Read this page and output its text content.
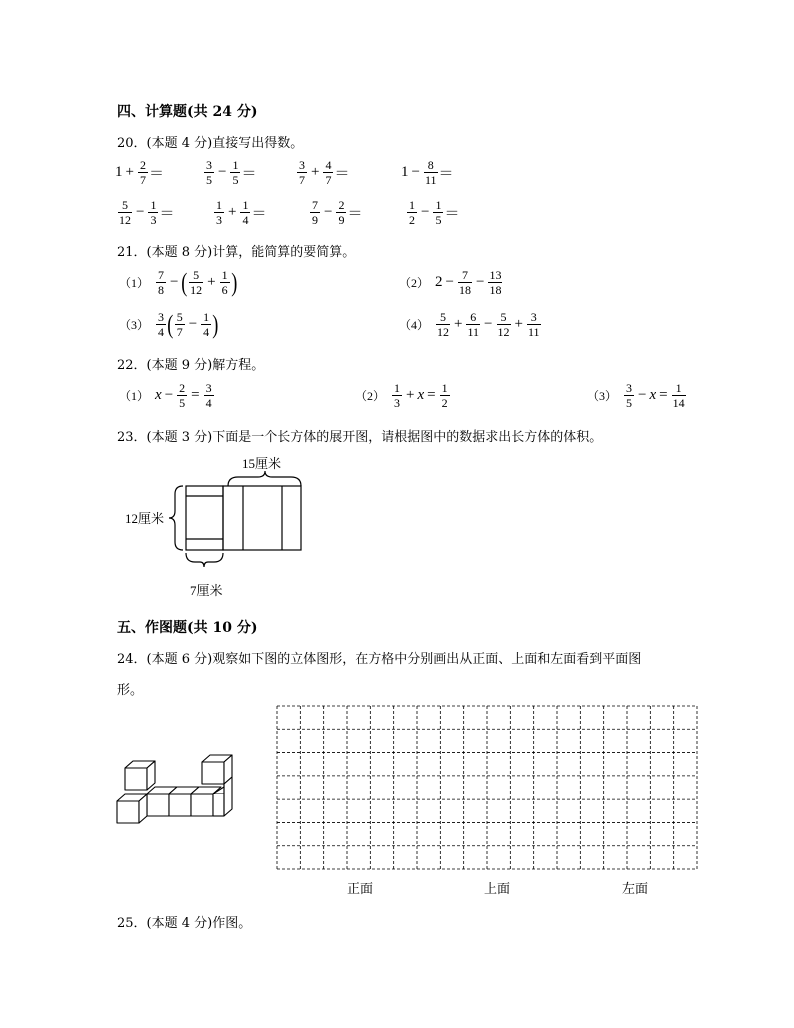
四、计算题(共 24 分)
20．(本题 4 分)直接写出得数。
$1 + \frac{2}{7}$ ＝	$\frac{3}{5} - \frac{1}{5}$ ＝	$\frac{3}{7} + \frac{4}{7}$ ＝	$1 - \frac{8}{11}$ ＝
$\frac{5}{12} - \frac{1}{3}$ ＝	$\frac{1}{3} + \frac{1}{4}$ ＝	$\frac{7}{9} - \frac{2}{9}$ ＝	$\frac{1}{2} - \frac{1}{5}$ ＝
21．(本题 8 分)计算，能简算的要简算。
$(1) \frac{7}{8}$ − ( $\frac{5}{12} + \frac{1}{6}$ )	（2） $2 - \frac{7}{18} - \frac{13}{18}$
$(3) \frac{3}{4}$ ( $\frac{5}{7} - \frac{1}{4}$ )	$(4) \frac{5}{12} + \frac{6}{11} - \frac{5}{12} + \frac{3}{11}$
22．(本题 9 分)解方程。
（1） $x - \frac{2}{5} = \frac{3}{4}$	$(2) \frac{1}{3} + x = \frac{1}{2}$	$(3) \frac{3}{5} - x = \frac{1}{14}$
23．(本题 3 分)下面是一个长方体的展开图，请根据图中的数据求出长方体的体积。
15厘米
12厘米
7厘米
五、作图题(共 10 分)
24．(本题 6 分)观察如下图的立体图形，在方格中分别画出从正面、上面和左面看到平面图
形。
正面	上面	左面
25．(本题 4 分)作图。
